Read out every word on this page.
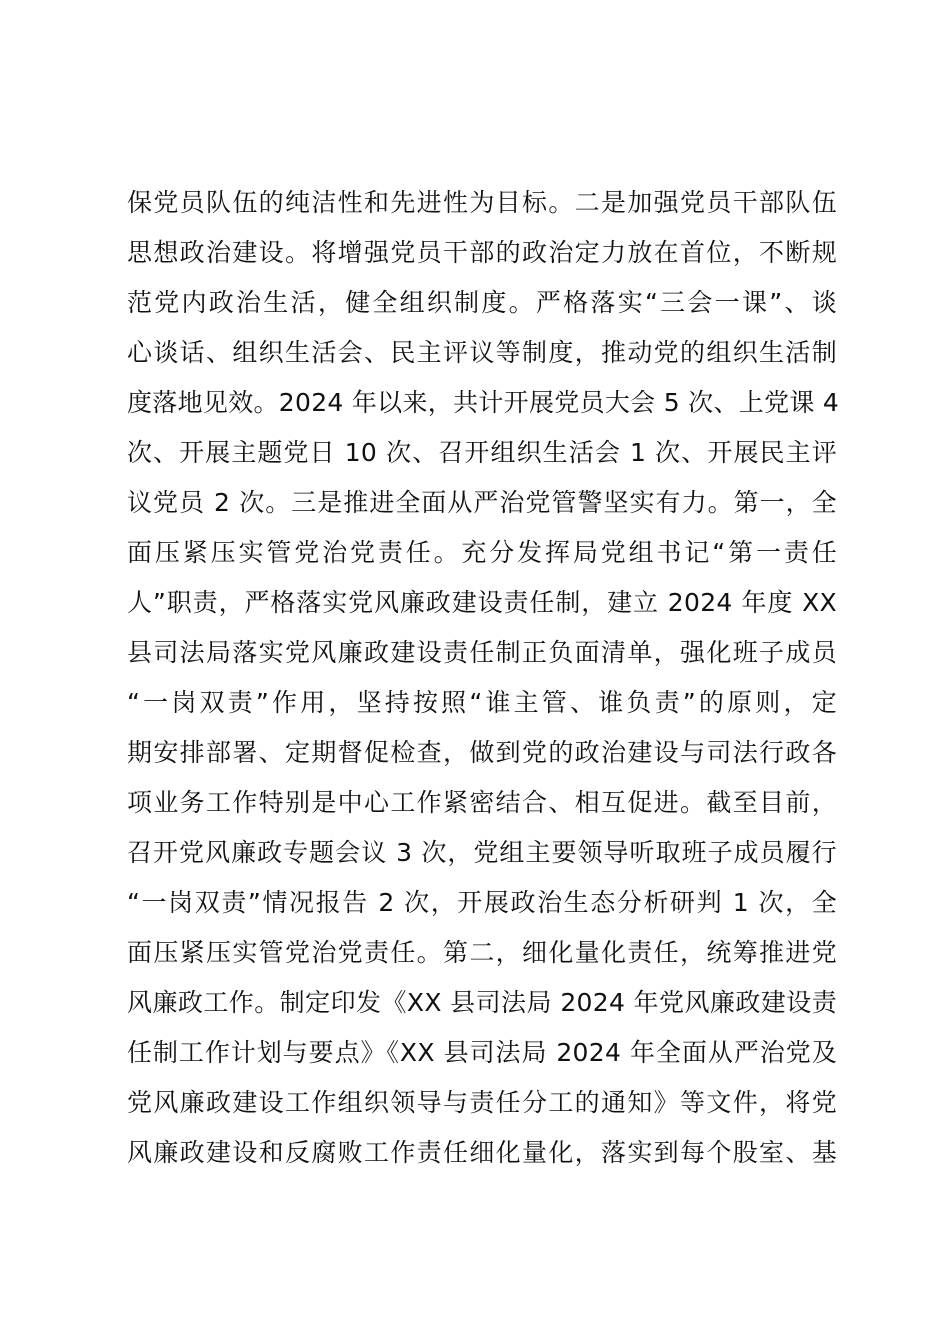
保党员队伍的纯洁性和先进性为目标。二是加强党员干部队伍
思想政治建设。将增强党员干部的政治定力放在首位，不断规
范党内政治生活，健全组织制度。严格落实“三会一课”、谈
心谈话、组织生活会、民主评议等制度，推动党的组织生活制
度落地见效。2024 年以来，共计开展党员大会 5 次、上党课 4
次、开展主题党日 10 次、召开组织生活会 1 次、开展民主评
议党员 2 次。三是推进全面从严治党管警坚实有力。第一，全
面压紧压实管党治党责任。充分发挥局党组书记“第一责任
人”职责，严格落实党风廉政建设责任制，建立 2024 年度 XX
县司法局落实党风廉政建设责任制正负面清单，强化班子成员
“一岗双责”作用，坚持按照“谁主管、谁负责”的原则，定
期安排部署、定期督促检查，做到党的政治建设与司法行政各
项业务工作特别是中心工作紧密结合、相互促进。截至目前，
召开党风廉政专题会议 3 次，党组主要领导听取班子成员履行
“一岗双责”情况报告 2 次，开展政治生态分析研判 1 次，全
面压紧压实管党治党责任。第二，细化量化责任，统筹推进党
风廉政工作。制定印发《XX 县司法局 2024 年党风廉政建设责
任制工作计划与要点》《XX 县司法局 2024 年全面从严治党及
党风廉政建设工作组织领导与责任分工的通知》等文件，将党
风廉政建设和反腐败工作责任细化量化，落实到每个股室、基
